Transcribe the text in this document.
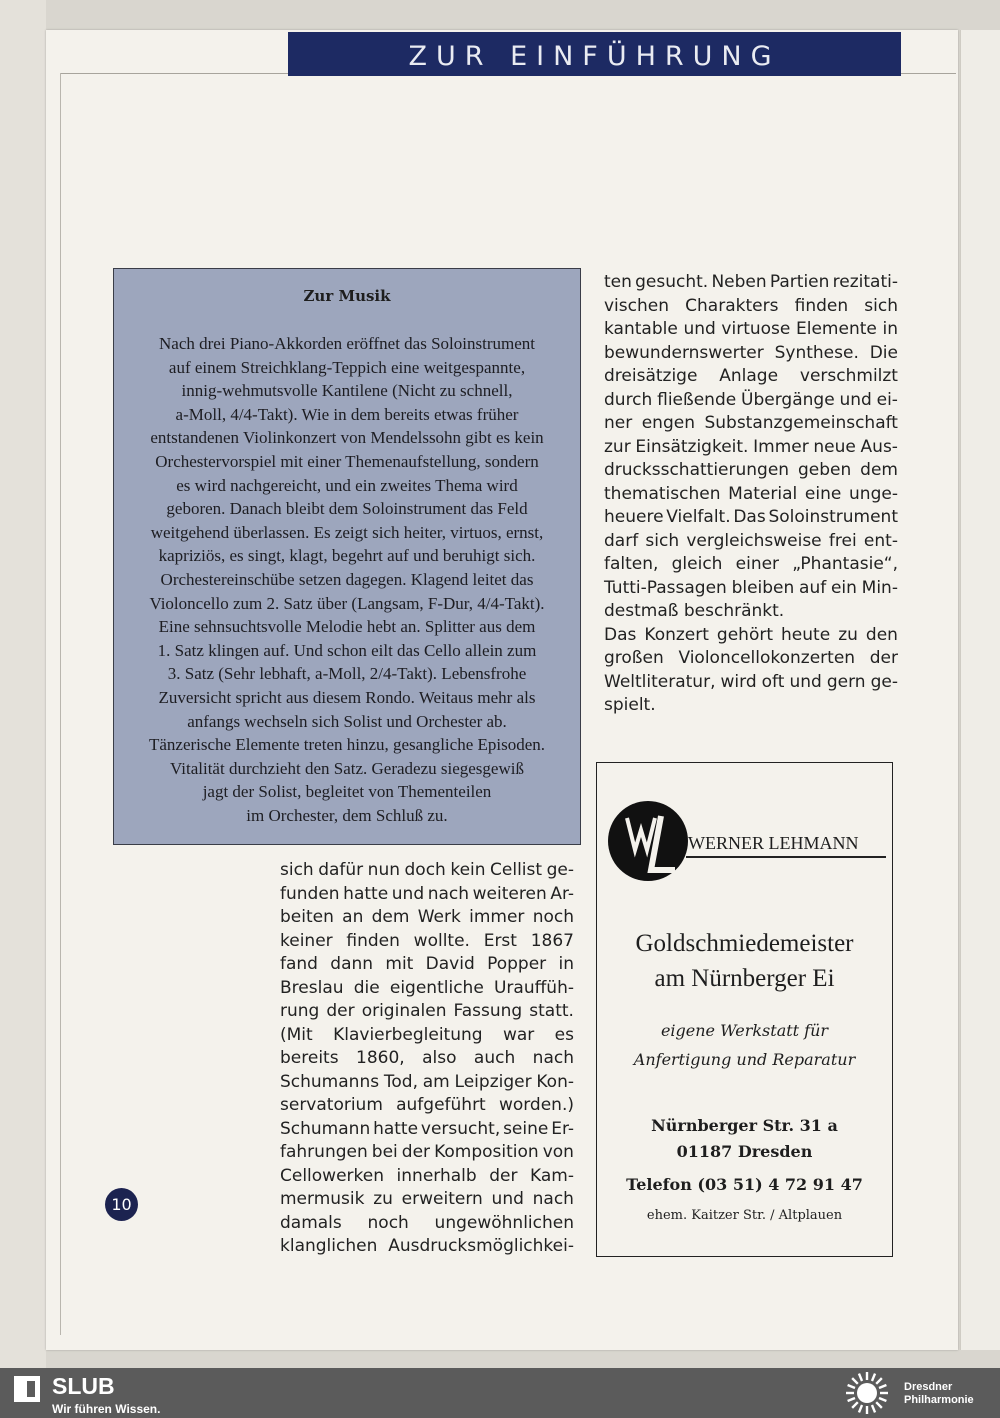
ZUR EINFÜHRUNG
Zur Musik
Nach drei Piano-Akkorden eröffnet das Soloinstrument
auf einem Streichklang-Teppich eine weitgespannte,
innig-wehmutsvolle Kantilene (Nicht zu schnell,
a-Moll, 4/4-Takt). Wie in dem bereits etwas früher
entstandenen Violinkonzert von Mendelssohn gibt es kein
Orchestervorspiel mit einer Themenaufstellung, sondern
es wird nachgereicht, und ein zweites Thema wird
geboren. Danach bleibt dem Soloinstrument das Feld
weitgehend überlassen. Es zeigt sich heiter, virtuos, ernst,
kapriziös, es singt, klagt, begehrt auf und beruhigt sich.
Orchestereinschübe setzen dagegen. Klagend leitet das
Violoncello zum 2. Satz über (Langsam, F-Dur, 4/4-Takt).
Eine sehnsuchtsvolle Melodie hebt an. Splitter aus dem
1. Satz klingen auf. Und schon eilt das Cello allein zum
3. Satz (Sehr lebhaft, a-Moll, 2/4-Takt). Lebensfrohe
Zuversicht spricht aus diesem Rondo. Weitaus mehr als
anfangs wechseln sich Solist und Orchester ab.
Tänzerische Elemente treten hinzu, gesangliche Episoden.
Vitalität durchzieht den Satz. Geradezu siegesgewiß
jagt der Solist, begleitet von Thementeilen
im Orchester, dem Schluß zu.
ten gesucht. Neben Partien rezitati-
vischen Charakters finden sich
kantable und virtuose Elemente in
bewundernswerter Synthese. Die
dreisätzige Anlage verschmilzt
durch fließende Übergänge und ei-
ner engen Substanzgemeinschaft
zur Einsätzigkeit. Immer neue Aus-
drucksschattierungen geben dem
thematischen Material eine unge-
heuere Vielfalt. Das Soloinstrument
darf sich vergleichsweise frei ent-
falten, gleich einer „Phantasie“,
Tutti-Passagen bleiben auf ein Min-
destmaß beschränkt.
Das Konzert gehört heute zu den
großen Violoncellokonzerten der
Weltliteratur, wird oft und gern ge-
spielt.
sich dafür nun doch kein Cellist ge-
funden hatte und nach weiteren Ar-
beiten an dem Werk immer noch
keiner finden wollte. Erst 1867
fand dann mit David Popper in
Breslau die eigentliche Urauffüh-
rung der originalen Fassung statt.
(Mit Klavierbegleitung war es
bereits 1860, also auch nach
Schumanns Tod, am Leipziger Kon-
servatorium aufgeführt worden.)
Schumann hatte versucht, seine Er-
fahrungen bei der Komposition von
Cellowerken innerhalb der Kam-
mermusik zu erweitern und nach
damals noch ungewöhnlichen
klanglichen Ausdrucksmöglichkei-
WERNER LEHMANN
Goldschmiedemeister
am Nürnberger Ei
eigene Werkstatt für
Anfertigung und Reparatur
Nürnberger Str. 31 a
01187 Dresden
Telefon (03 51) 4 72 91 47
ehem. Kaitzer Str. / Altplauen
10
SLUB
Wir führen Wissen.
Dresdner
Philharmonie
